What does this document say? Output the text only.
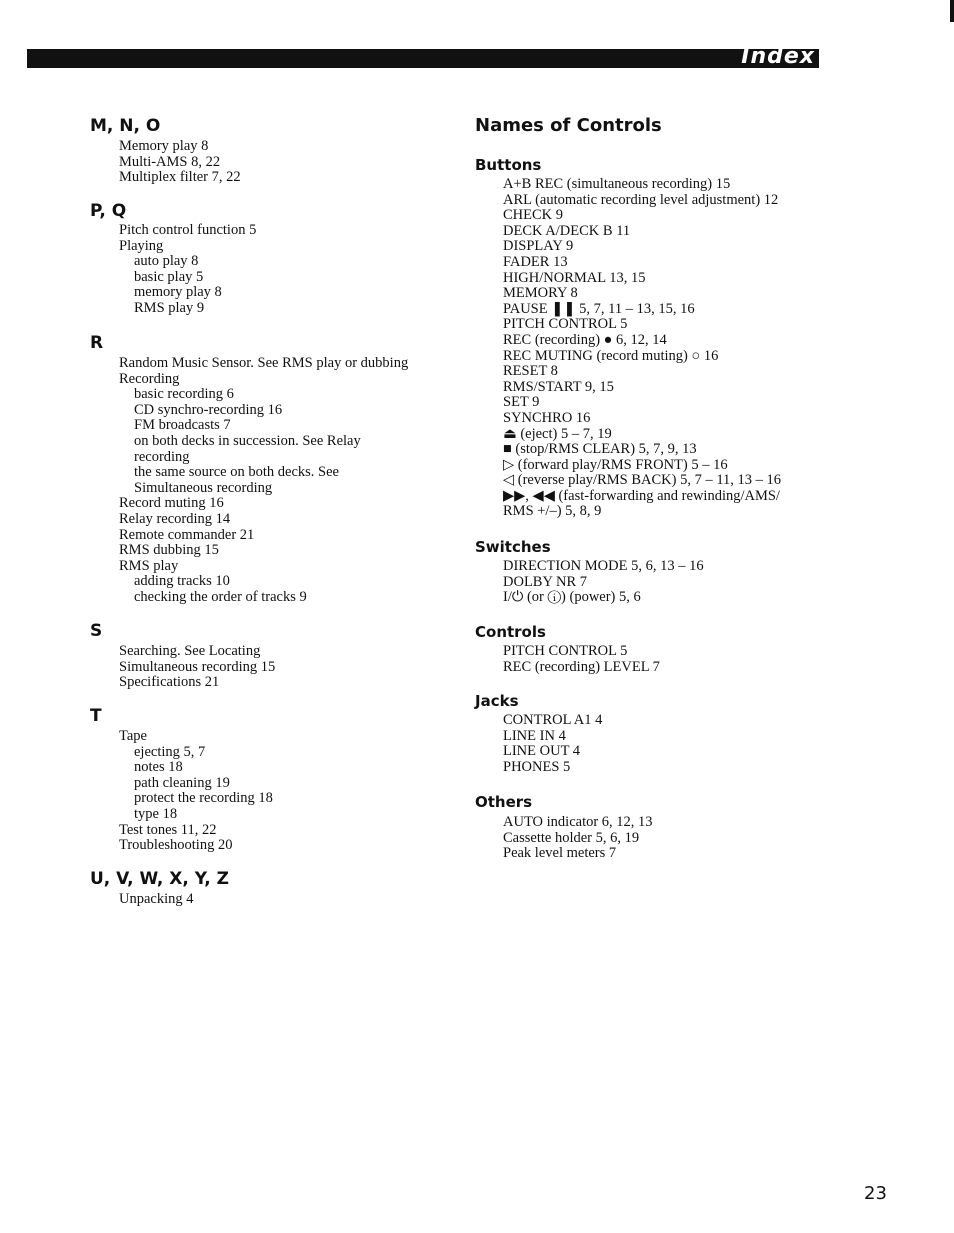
Index
M, N, O
Memory play 8
Multi-AMS 8, 22
Multiplex filter 7, 22
P, Q
Pitch control function 5
Playing
auto play 8
basic play 5
memory play 8
RMS play 9
R
Random Music Sensor. See RMS play or dubbing
Recording
basic recording 6
CD synchro-recording 16
FM broadcasts 7
on both decks in succession. See Relay
recording
the same source on both decks. See
Simultaneous recording
Record muting 16
Relay recording 14
Remote commander 21
RMS dubbing 15
RMS play
adding tracks 10
checking the order of tracks 9
S
Searching. See Locating
Simultaneous recording 15
Specifications 21
T
Tape
ejecting 5, 7
notes 18
path cleaning 19
protect the recording 18
type 18
Test tones 11, 22
Troubleshooting 20
U, V, W, X, Y, Z
Unpacking 4
Names of Controls
Buttons
A+B REC (simultaneous recording) 15
ARL (automatic recording level adjustment) 12
CHECK 9
DECK A/DECK B 11
DISPLAY 9
FADER 13
HIGH/NORMAL 13, 15
MEMORY 8
PAUSE ❚❚ 5, 7, 11 – 13, 15, 16
PITCH CONTROL 5
REC (recording) ● 6, 12, 14
REC MUTING (record muting) ○ 16
RESET 8
RMS/START 9, 15
SET 9
SYNCHRO 16
⏏ (eject) 5 – 7, 19
■ (stop/RMS CLEAR) 5, 7, 9, 13
▷ (forward play/RMS FRONT) 5 – 16
◁ (reverse play/RMS BACK) 5, 7 – 11, 13 – 16
▶▶, ◀◀ (fast-forwarding and rewinding/AMS/
RMS +/–) 5, 8, 9
Switches
DIRECTION MODE 5, 6, 13 – 16
DOLBY NR 7
I/⏻ (or ⓘ) (power) 5, 6
Controls
PITCH CONTROL 5
REC (recording) LEVEL 7
Jacks
CONTROL A1 4
LINE IN 4
LINE OUT 4
PHONES 5
Others
AUTO indicator 6, 12, 13
Cassette holder 5, 6, 19
Peak level meters 7
23
